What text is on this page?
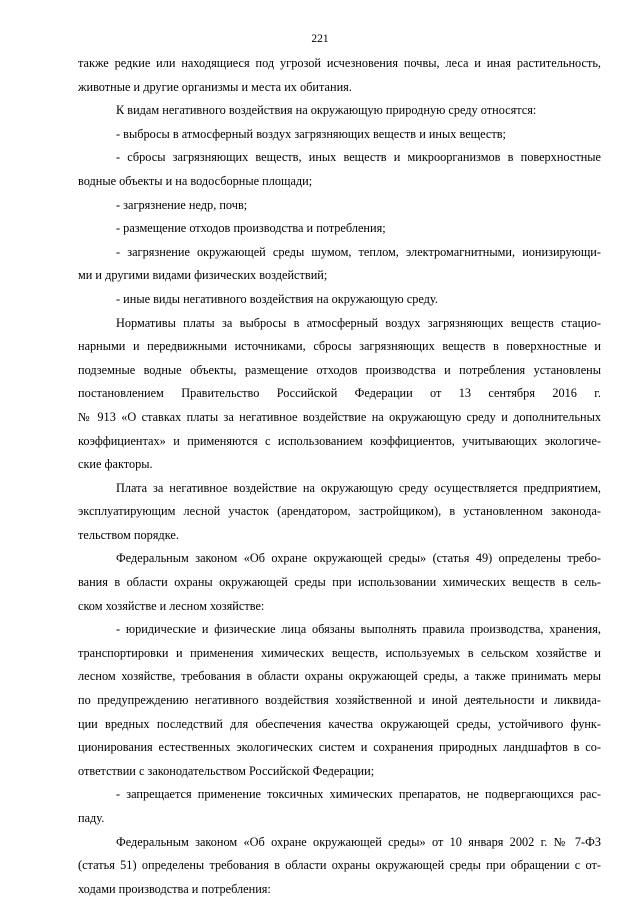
221
также редкие или находящиеся под угрозой исчезновения почвы, леса и иная растительность,
животные и другие организмы и места их обитания.
К видам негативного воздействия на окружающую природную среду относятся:
- выбросы в атмосферный воздух загрязняющих веществ и иных веществ;
- сбросы загрязняющих веществ, иных веществ и микроорганизмов в поверхностные
водные объекты и на водосборные площади;
- загрязнение недр, почв;
- размещение отходов производства и потребления;
- загрязнение окружающей среды шумом, теплом, электромагнитными, ионизирующи-
ми и другими видами физических воздействий;
- иные виды негативного воздействия на окружающую среду.
Нормативы платы за выбросы в атмосферный воздух загрязняющих веществ стацио-
нарными и передвижными источниками, сбросы загрязняющих веществ в поверхностные и
подземные водные объекты, размещение отходов производства и потребления установлены
постановлением Правительство Российской Федерации от 13 сентября 2016 г.
№ 913 «О ставках платы за негативное воздействие на окружающую среду и дополнительных
коэффициентах» и применяются с использованием коэффициентов, учитывающих экологиче-
ские факторы.
Плата за негативное воздействие на окружающую среду осуществляется предприятием,
эксплуатирующим лесной участок (арендатором, застройщиком), в установленном законода-
тельством порядке.
Федеральным законом «Об охране окружающей среды» (статья 49) определены требо-
вания в области охраны окружающей среды при использовании химических веществ в сель-
ском хозяйстве и лесном хозяйстве:
- юридические и физические лица обязаны выполнять правила производства, хранения,
транспортировки и применения химических веществ, используемых в сельском хозяйстве и
лесном хозяйстве, требования в области охраны окружающей среды, а также принимать меры
по предупреждению негативного воздействия хозяйственной и иной деятельности и ликвида-
ции вредных последствий для обеспечения качества окружающей среды, устойчивого функ-
ционирования естественных экологических систем и сохранения природных ландшафтов в со-
ответствии с законодательством Российской Федерации;
- запрещается применение токсичных химических препаратов, не подвергающихся рас-
паду.
Федеральным законом «Об охране окружающей среды» от 10 января 2002 г. № 7-ФЗ
(статья 51) определены требования в области охраны окружающей среды при обращении с от-
ходами производства и потребления:
